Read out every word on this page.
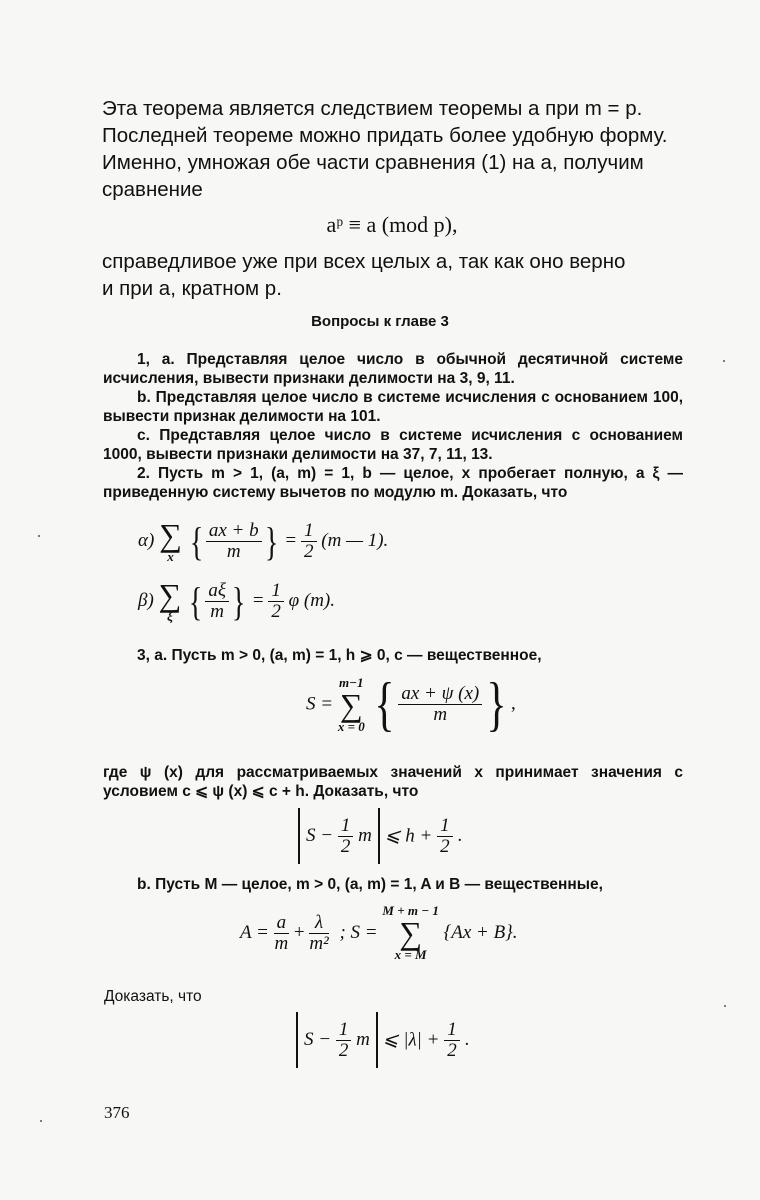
Эта теорема является следствием теоремы a при m = p.
Последней теореме можно придать более удобную форму.
Именно, умножая обе части сравнения (1) на a, получим
сравнение
aᵖ ≡ a (mod p),
справедливое уже при всех целых a, так как оно верно
и при a, кратном p.
Вопросы к главе 3

1, a. Представляя целое число в обычной десятичной системе исчисления, вывести признаки делимости на 3, 9, 11.

b. Представляя целое число в системе исчисления с основанием 100, вывести признак делимости на 101.

c. Представляя целое число в системе исчисления с основанием 1000, вывести признаки делимости на 37, 7, 11, 13.

2. Пусть m > 1, (a, m) = 1, b — целое, x пробегает полную, а ξ — приведенную систему вычетов по модулю m. Доказать, что

α) ∑
x { $\frac{ax + b}{m}$ } = $\frac{1}{2} (m$ — 1).
β) ∑
ξ { $\frac{a\xi}{m}$ } = $\frac{1}{2}$ φ (m).
3, a. Пусть m > 0, (a, m) = 1, h ⩾ 0, c — вещественное,
S =
m−1
∑
x = 0 { $\frac{ax + \psi (x)}{m}$ } ,
где ψ (x) для рассматриваемых значений x принимает значения с условием c ⩽ ψ (x) ⩽ c + h. Доказать, что
$S - \frac{1}{2}$ m ⩽ $h + \frac{1}{2}$ .
b. Пусть M — целое, m > 0, (a, m) = 1, A и B — вещественные,
$A = \frac{a}{m} + \frac{\lambda}{\text{m²}}$ ; S =
M + m − 1
∑
x = M
{Ax + B}.
Доказать, что
$S - \frac{1}{2}$ m ⩽ $|\lambda| + \frac{1}{2}$ .
376
